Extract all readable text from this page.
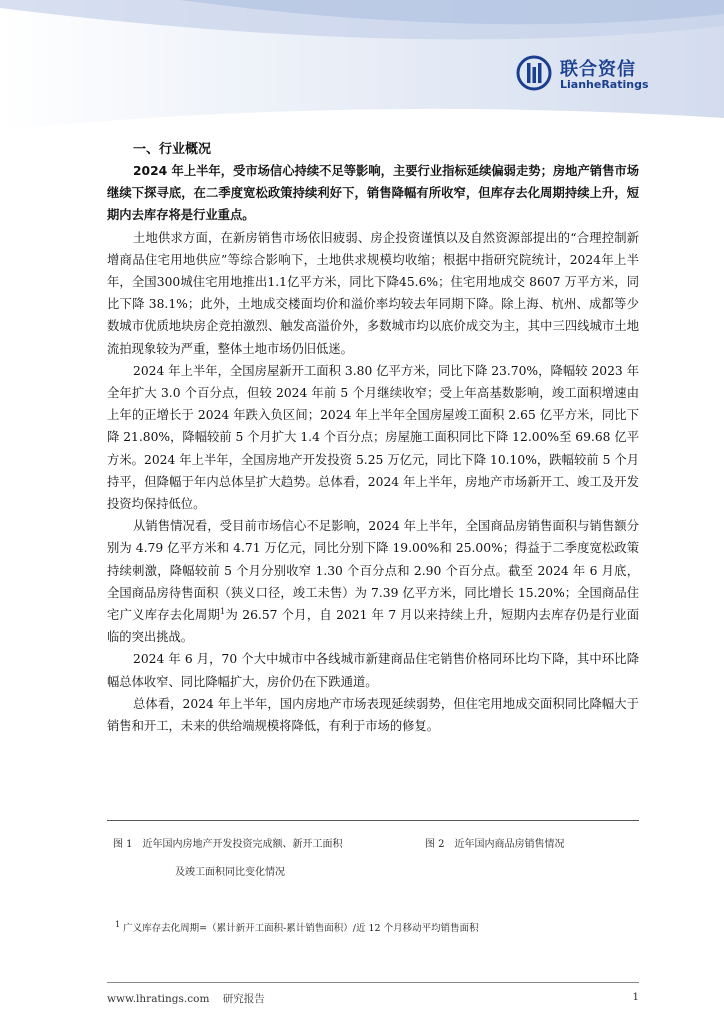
联合资信
LianheRatings
一、行业概况

2024 年上半年，受市场信心持续不足等影响，主要行业指标延续偏弱走势；房地产销售市场继续下探寻底，在二季度宽松政策持续利好下，销售降幅有所收窄，但库存去化周期持续上升，短期内去库存将是行业重点。

土地供求方面，在新房销售市场依旧疲弱、房企投资谨慎以及自然资源部提出的“合理控制新增商品住宅用地供应”等综合影响下，土地供求规模均收缩；根据中指研究院统计，2024年上半年，全国300城住宅用地推出1.1亿平方米，同比下降45.6%；住宅用地成交 8607 万平方米，同比下降 38.1%；此外，土地成交楼面均价和溢价率均较去年同期下降。除上海、杭州、成都等少数城市优质地块房企竞拍激烈、触发高溢价外，多数城市均以底价成交为主，其中三四线城市土地流拍现象较为严重，整体土地市场仍旧低迷。

2024 年上半年，全国房屋新开工面积 3.80 亿平方米，同比下降 23.70%，降幅较 2023 年全年扩大 3.0 个百分点，但较 2024 年前 5 个月继续收窄；受上年高基数影响，竣工面积增速由上年的正增长于 2024 年跌入负区间；2024 年上半年全国房屋竣工面积 2.65 亿平方米，同比下降 21.80%，降幅较前 5 个月扩大 1.4 个百分点；房屋施工面积同比下降 12.00%至 69.68 亿平方米。2024 年上半年，全国房地产开发投资 5.25 万亿元，同比下降 10.10%，跌幅较前 5 个月持平，但降幅于年内总体呈扩大趋势。总体看，2024 年上半年，房地产市场新开工、竣工及开发投资均保持低位。

从销售情况看，受目前市场信心不足影响，2024 年上半年，全国商品房销售面积与销售额分别为 4.79 亿平方米和 4.71 万亿元，同比分别下降 19.00%和 25.00%；得益于二季度宽松政策持续刺激，降幅较前 5 个月分别收窄 1.30 个百分点和 2.90 个百分点。截至 2024 年 6 月底，全国商品房待售面积（狭义口径，竣工未售）为 7.39 亿平方米，同比增长 15.20%；全国商品住宅广义库存去化周期$^1$为 26.57 个月，自 2021 年 7 月以来持续上升，短期内去库存仍是行业面临的突出挑战。

2024 年 6 月，70 个大中城市中各线城市新建商品住宅销售价格同环比均下降，其中环比降幅总体收窄、同比降幅扩大，房价仍在下跌通道。

总体看，2024 年上半年，国内房地产市场表现延续弱势，但住宅用地成交面积同比降幅大于销售和开工，未来的供给端规模将降低，有利于市场的修复。

图 1　近年国内房地产开发投资完成额、新开工面积
及竣工面积同比变化情况
图 2　近年国内商品房销售情况
$^1$ 广义库存去化周期=（累计新开工面积-累计销售面积）/近 12 个月移动平均销售面积
www.lhratings.com 研究报告	1
